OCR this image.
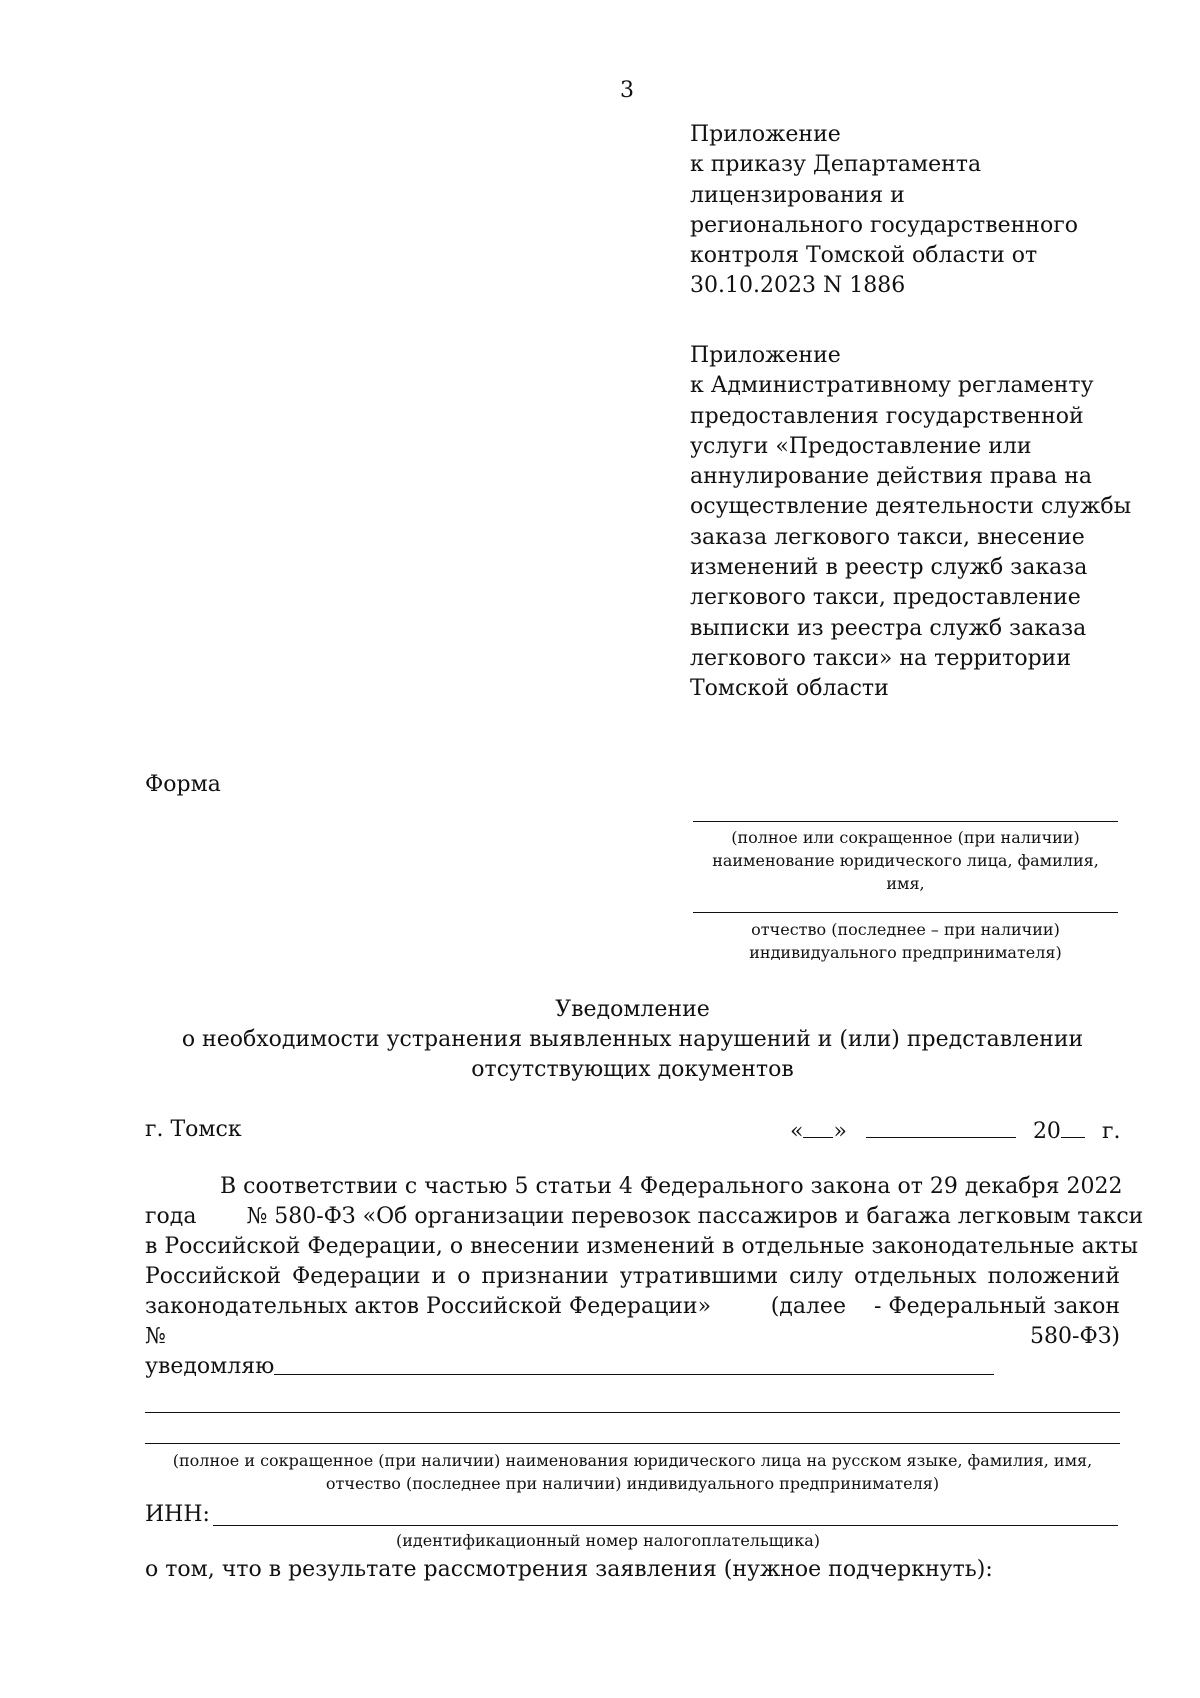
3
Приложение
к приказу Департамента
лицензирования и
регионального государственного
контроля Томской области от
30.10.2023 N 1886
Приложение
к Административному регламенту
предоставления государственной
услуги «Предоставление или
аннулирование действия права на
осуществление деятельности службы
заказа легкового такси, внесение
изменений в реестр служб заказа
легкового такси, предоставление
выписки из реестра служб заказа
легкового такси» на территории
Томской области
Форма
(полное или сокращенное (при наличии)
наименование юридического лица, фамилия,
имя,
отчество (последнее – при наличии)
индивидуального предпринимателя)
Уведомление
о необходимости устранения выявленных нарушений и (или) представлении
отсутствующих документов
г. Томск	« »	20 г.
В соответствии с частью 5 статьи 4 Федерального закона от 29 декабря 2022
года № 580-ФЗ «Об организации перевозок пассажиров и багажа легковым такси
в Российской Федерации, о внесении изменений в отдельные законодательные акты
Российской Федерации и о признании утратившими силу отдельных положений
законодательных актов Российской Федерации»	(далее - Федеральный закон
№	580-ФЗ)
уведомляю
(полное и сокращенное (при наличии) наименования юридического лица на русском языке, фамилия, имя,
отчество (последнее при наличии) индивидуального предпринимателя)
ИНН:
(идентификационный номер налогоплательщика)
о том, что в результате рассмотрения заявления (нужное подчеркнуть):
